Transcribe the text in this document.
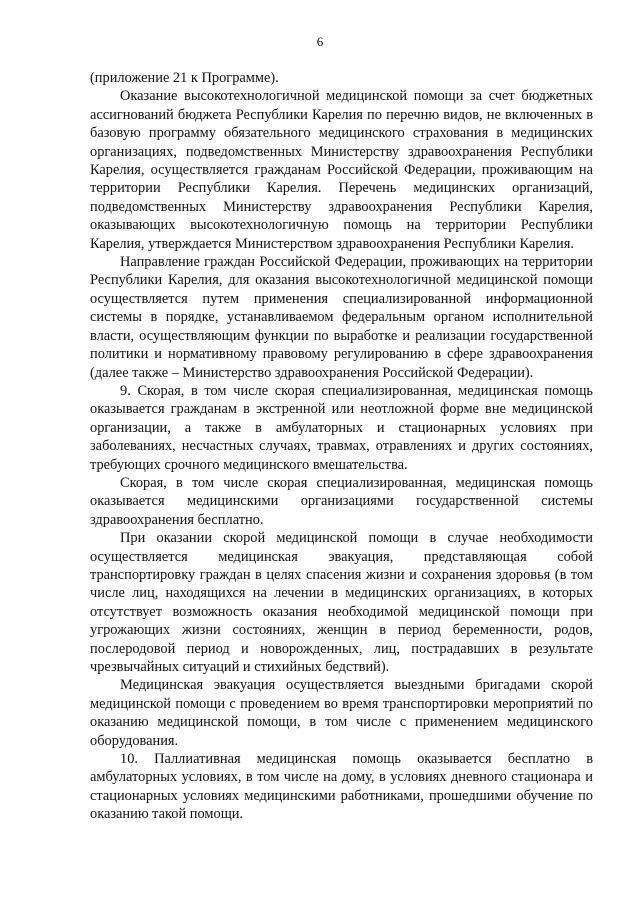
6

(приложение 21 к Программе).

Оказание высокотехнологичной медицинской помощи за счет бюджетных ассигнований бюджета Республики Карелия по перечню видов, не включенных в базовую программу обязательного медицинского страхования в медицинских организациях, подведомственных Министерству здравоохранения Республики Карелия, осуществляется гражданам Российской Федерации, проживающим на территории Республики Карелия. Перечень медицинских организаций, подведомственных Министерству здравоохранения Республики Карелия, оказывающих высокотехнологичную помощь на территории Республики Карелия, утверждается Министерством здравоохранения Республики Карелия.

Направление граждан Российской Федерации, проживающих на территории Республики Карелия, для оказания высокотехнологичной медицинской помощи осуществляется путем применения специализированной информационной системы в порядке, устанавливаемом федеральным органом исполнительной власти, осуществляющим функции по выработке и реализации государственной политики и нормативному правовому регулированию в сфере здравоохранения (далее также – Министерство здравоохранения Российской Федерации).

9. Скорая, в том числе скорая специализированная, медицинская помощь оказывается гражданам в экстренной или неотложной форме вне медицинской организации, а также в амбулаторных и стационарных условиях при заболеваниях, несчастных случаях, травмах, отравлениях и других состояниях, требующих срочного медицинского вмешательства.

Скорая, в том числе скорая специализированная, медицинская помощь оказывается медицинскими организациями государственной системы здравоохранения бесплатно.

При оказании скорой медицинской помощи в случае необходимости осуществляется медицинская эвакуация, представляющая собой транспортировку граждан в целях спасения жизни и сохранения здоровья (в том числе лиц, находящихся на лечении в медицинских организациях, в которых отсутствует возможность оказания необходимой медицинской помощи при угрожающих жизни состояниях, женщин в период беременности, родов, послеродовой период и новорожденных, лиц, пострадавших в результате чрезвычайных ситуаций и стихийных бедствий).

Медицинская эвакуация осуществляется выездными бригадами скорой медицинской помощи с проведением во время транспортировки мероприятий по оказанию медицинской помощи, в том числе с применением медицинского оборудования.

10. Паллиативная медицинская помощь оказывается бесплатно в амбулаторных условиях, в том числе на дому, в условиях дневного стационара и стационарных условиях медицинскими работниками, прошедшими обучение по оказанию такой помощи.
